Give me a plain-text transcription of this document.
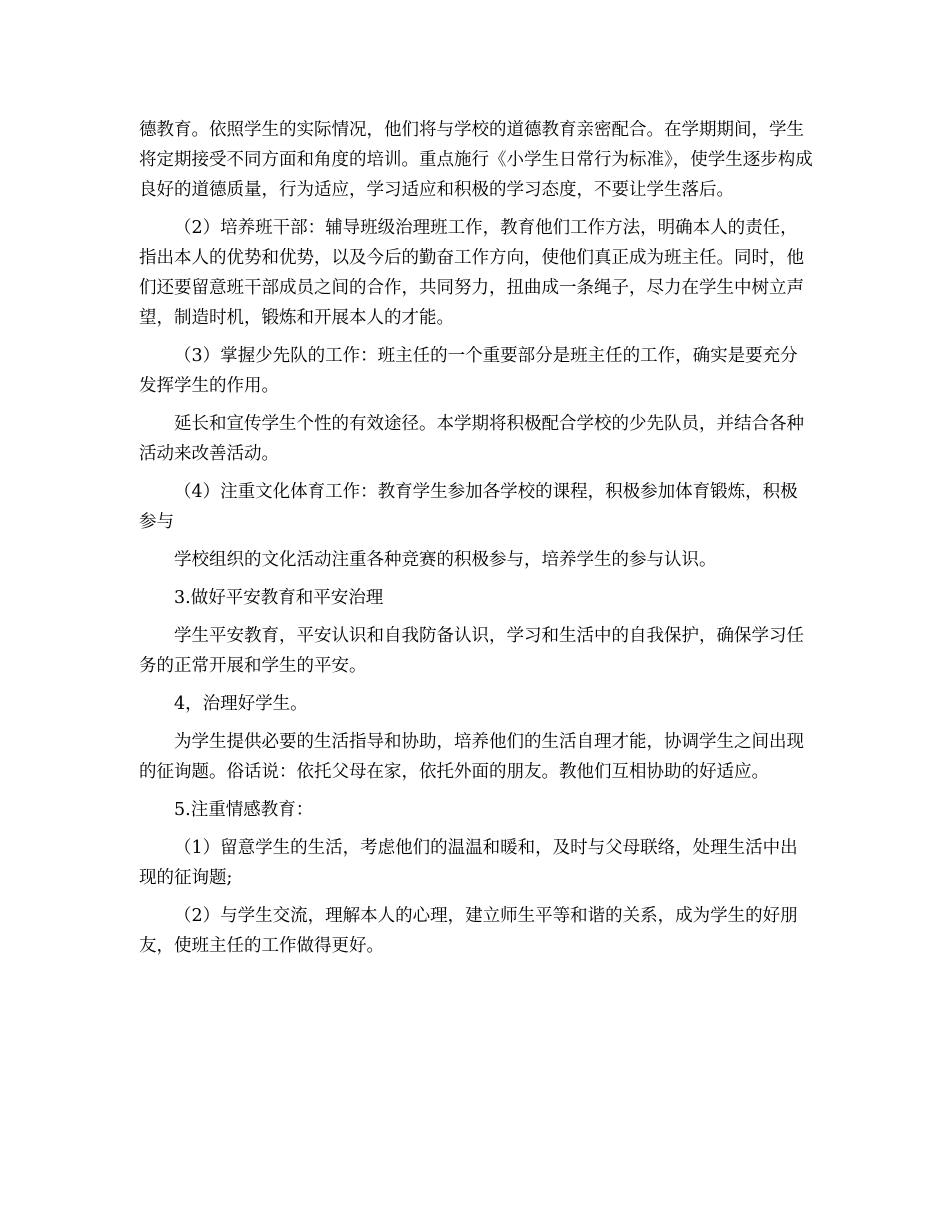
德教育。依照学生的实际情况，他们将与学校的道德教育亲密配合。在学期期间，学生将定期接受不同方面和角度的培训。重点施行《小学生日常行为标准》，使学生逐步构成良好的道德质量，行为适应，学习适应和积极的学习态度，不要让学生落后。

（2）培养班干部：辅导班级治理班工作，教育他们工作方法，明确本人的责任，指出本人的优势和优势，以及今后的勤奋工作方向，使他们真正成为班主任。同时，他们还要留意班干部成员之间的合作，共同努力，扭曲成一条绳子，尽力在学生中树立声望，制造时机，锻炼和开展本人的才能。

（3）掌握少先队的工作：班主任的一个重要部分是班主任的工作，确实是要充分发挥学生的作用。

延长和宣传学生个性的有效途径。本学期将积极配合学校的少先队员，并结合各种活动来改善活动。

（4）注重文化体育工作：教育学生参加各学校的课程，积极参加体育锻炼，积极参与

学校组织的文化活动注重各种竞赛的积极参与，培养学生的参与认识。

3.做好平安教育和平安治理

学生平安教育，平安认识和自我防备认识，学习和生活中的自我保护，确保学习任务的正常开展和学生的平安。

4，治理好学生。

为学生提供必要的生活指导和协助，培养他们的生活自理才能，协调学生之间出现的征询题。俗话说：依托父母在家，依托外面的朋友。教他们互相协助的好适应。

5.注重情感教育：

（1）留意学生的生活，考虑他们的温温和暖和，及时与父母联络，处理生活中出现的征询题;

（2）与学生交流，理解本人的心理，建立师生平等和谐的关系，成为学生的好朋友，使班主任的工作做得更好。
